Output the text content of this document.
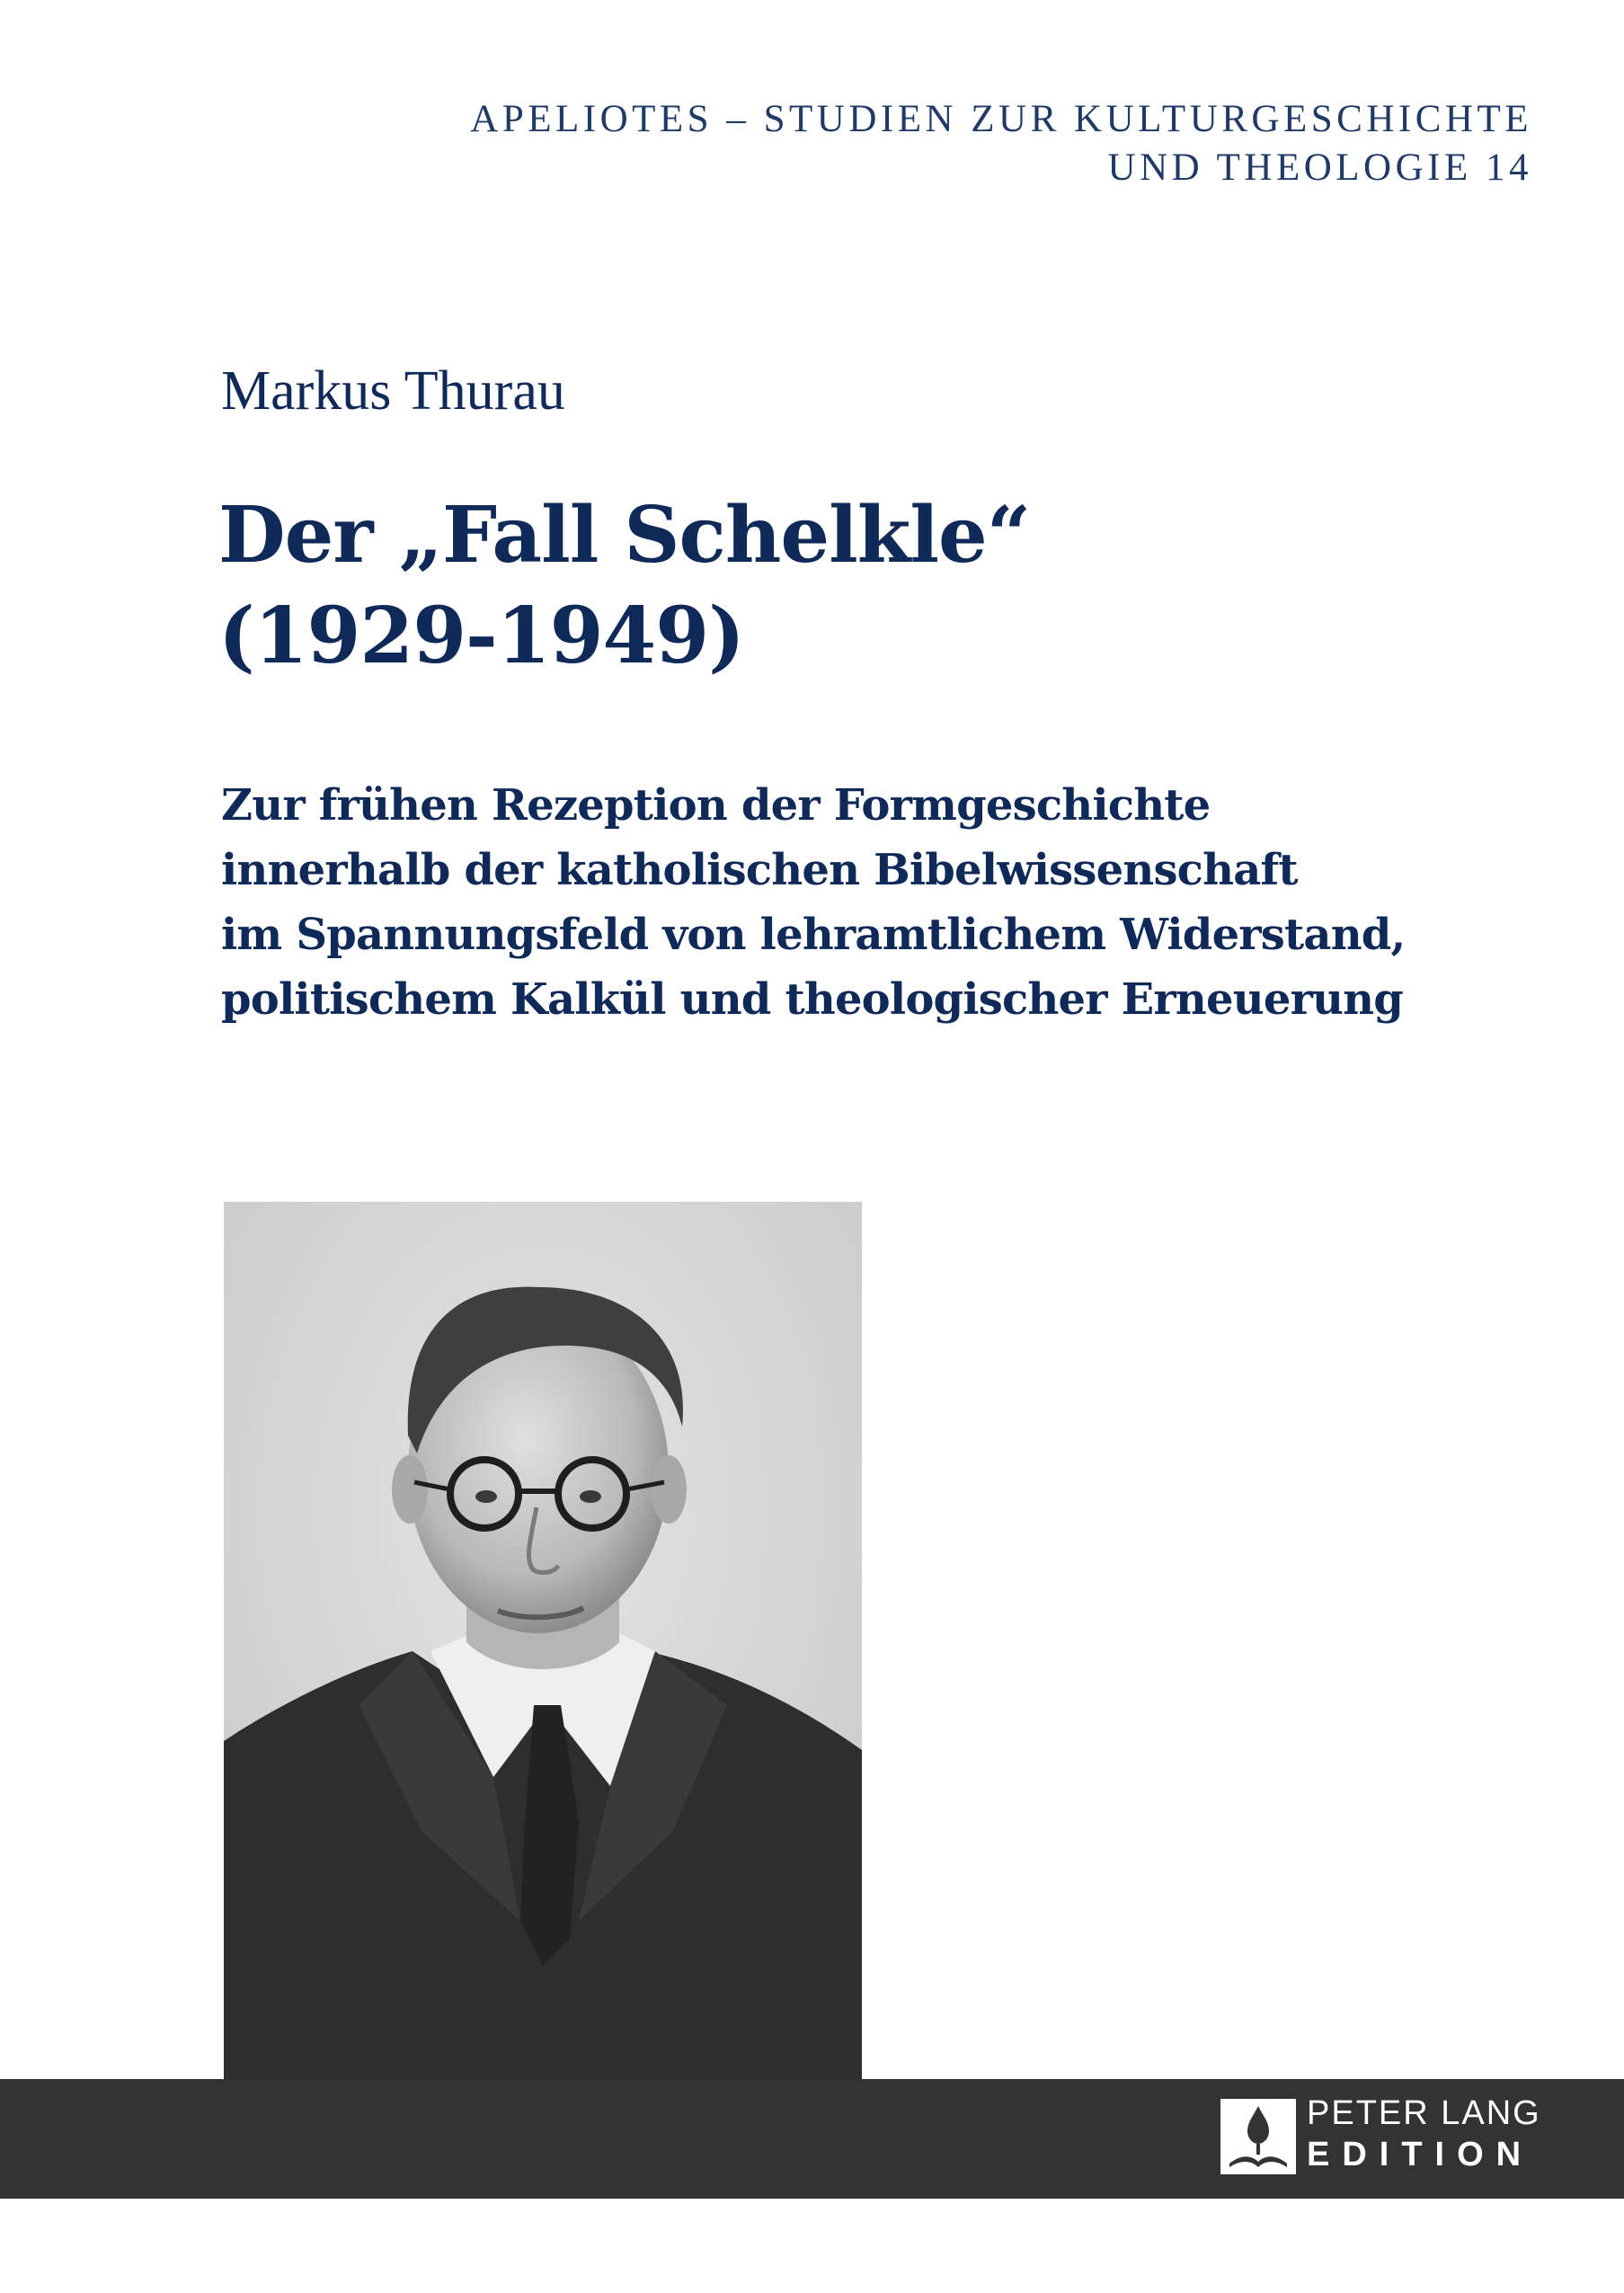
APELIOTES – STUDIEN ZUR KULTURGESCHICHTE
UND THEOLOGIE 14
Markus Thurau
Der „Fall Schelkle“
(1929-1949)
Zur frühen Rezeption der Formgeschichte
innerhalb der katholischen Bibelwissenschaft
im Spannungsfeld von lehramtlichem Widerstand,
politischem Kalkül und theologischer Erneuerung
PETER LANG
EDITION
